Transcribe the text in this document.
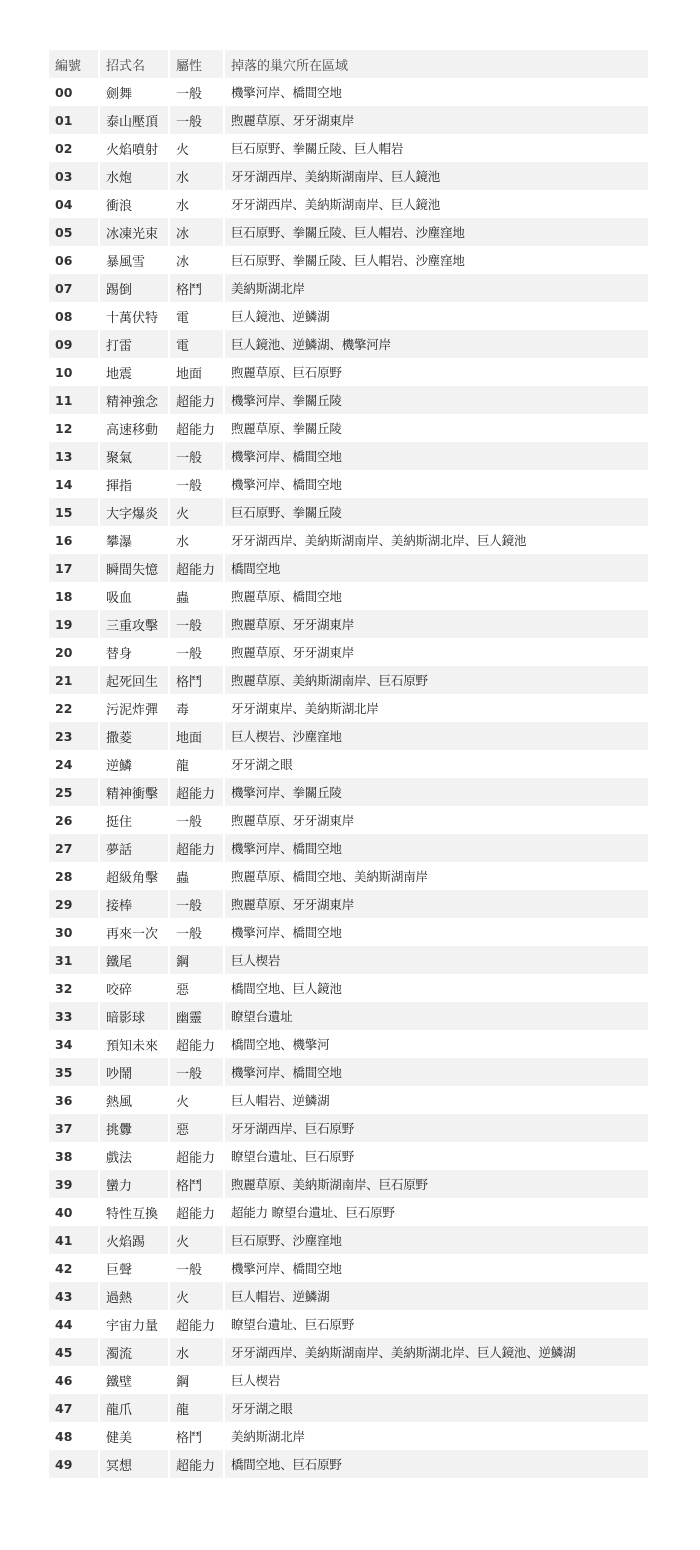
編號	招式名	屬性	掉落的巢穴所在區域
00	劍舞	一般	機擎河岸、橋間空地
01	泰山壓頂	一般	煦麗草原、牙牙湖東岸
02	火焰噴射	火	巨石原野、拳關丘陵、巨人帽岩
03	水炮	水	牙牙湖西岸、美納斯湖南岸、巨人鏡池
04	衝浪	水	牙牙湖西岸、美納斯湖南岸、巨人鏡池
05	冰凍光束	冰	巨石原野、拳關丘陵、巨人帽岩、沙塵窪地
06	暴風雪	冰	巨石原野、拳關丘陵、巨人帽岩、沙塵窪地
07	踢倒	格鬥	美納斯湖北岸
08	十萬伏特	電	巨人鏡池、逆鱗湖
09	打雷	電	巨人鏡池、逆鱗湖、機擎河岸
10	地震	地面	煦麗草原、巨石原野
11	精神強念	超能力	機擎河岸、拳關丘陵
12	高速移動	超能力	煦麗草原、拳關丘陵
13	聚氣	一般	機擎河岸、橋間空地
14	揮指	一般	機擎河岸、橋間空地
15	大字爆炎	火	巨石原野、拳關丘陵
16	攀瀑	水	牙牙湖西岸、美納斯湖南岸、美納斯湖北岸、巨人鏡池
17	瞬間失憶	超能力	橋間空地
18	吸血	蟲	煦麗草原、橋間空地
19	三重攻擊	一般	煦麗草原、牙牙湖東岸
20	替身	一般	煦麗草原、牙牙湖東岸
21	起死回生	格鬥	煦麗草原、美納斯湖南岸、巨石原野
22	污泥炸彈	毒	牙牙湖東岸、美納斯湖北岸
23	撒菱	地面	巨人楔岩、沙塵窪地
24	逆鱗	龍	牙牙湖之眼
25	精神衝擊	超能力	機擎河岸、拳關丘陵
26	挺住	一般	煦麗草原、牙牙湖東岸
27	夢話	超能力	機擎河岸、橋間空地
28	超級角擊	蟲	煦麗草原、橋間空地、美納斯湖南岸
29	接棒	一般	煦麗草原、牙牙湖東岸
30	再來一次	一般	機擎河岸、橋間空地
31	鐵尾	鋼	巨人楔岩
32	咬碎	惡	橋間空地、巨人鏡池
33	暗影球	幽靈	瞭望台遺址
34	預知未來	超能力	橋間空地、機擎河
35	吵鬧	一般	機擎河岸、橋間空地
36	熱風	火	巨人帽岩、逆鱗湖
37	挑釁	惡	牙牙湖西岸、巨石原野
38	戲法	超能力	瞭望台遺址、巨石原野
39	蠻力	格鬥	煦麗草原、美納斯湖南岸、巨石原野
40	特性互換	超能力	超能力 瞭望台遺址、巨石原野
41	火焰踢	火	巨石原野、沙塵窪地
42	巨聲	一般	機擎河岸、橋間空地
43	過熱	火	巨人帽岩、逆鱗湖
44	宇宙力量	超能力	瞭望台遺址、巨石原野
45	濁流	水	牙牙湖西岸、美納斯湖南岸、美納斯湖北岸、巨人鏡池、逆鱗湖
46	鐵壁	鋼	巨人楔岩
47	龍爪	龍	牙牙湖之眼
48	健美	格鬥	美納斯湖北岸
49	冥想	超能力	橋間空地、巨石原野
